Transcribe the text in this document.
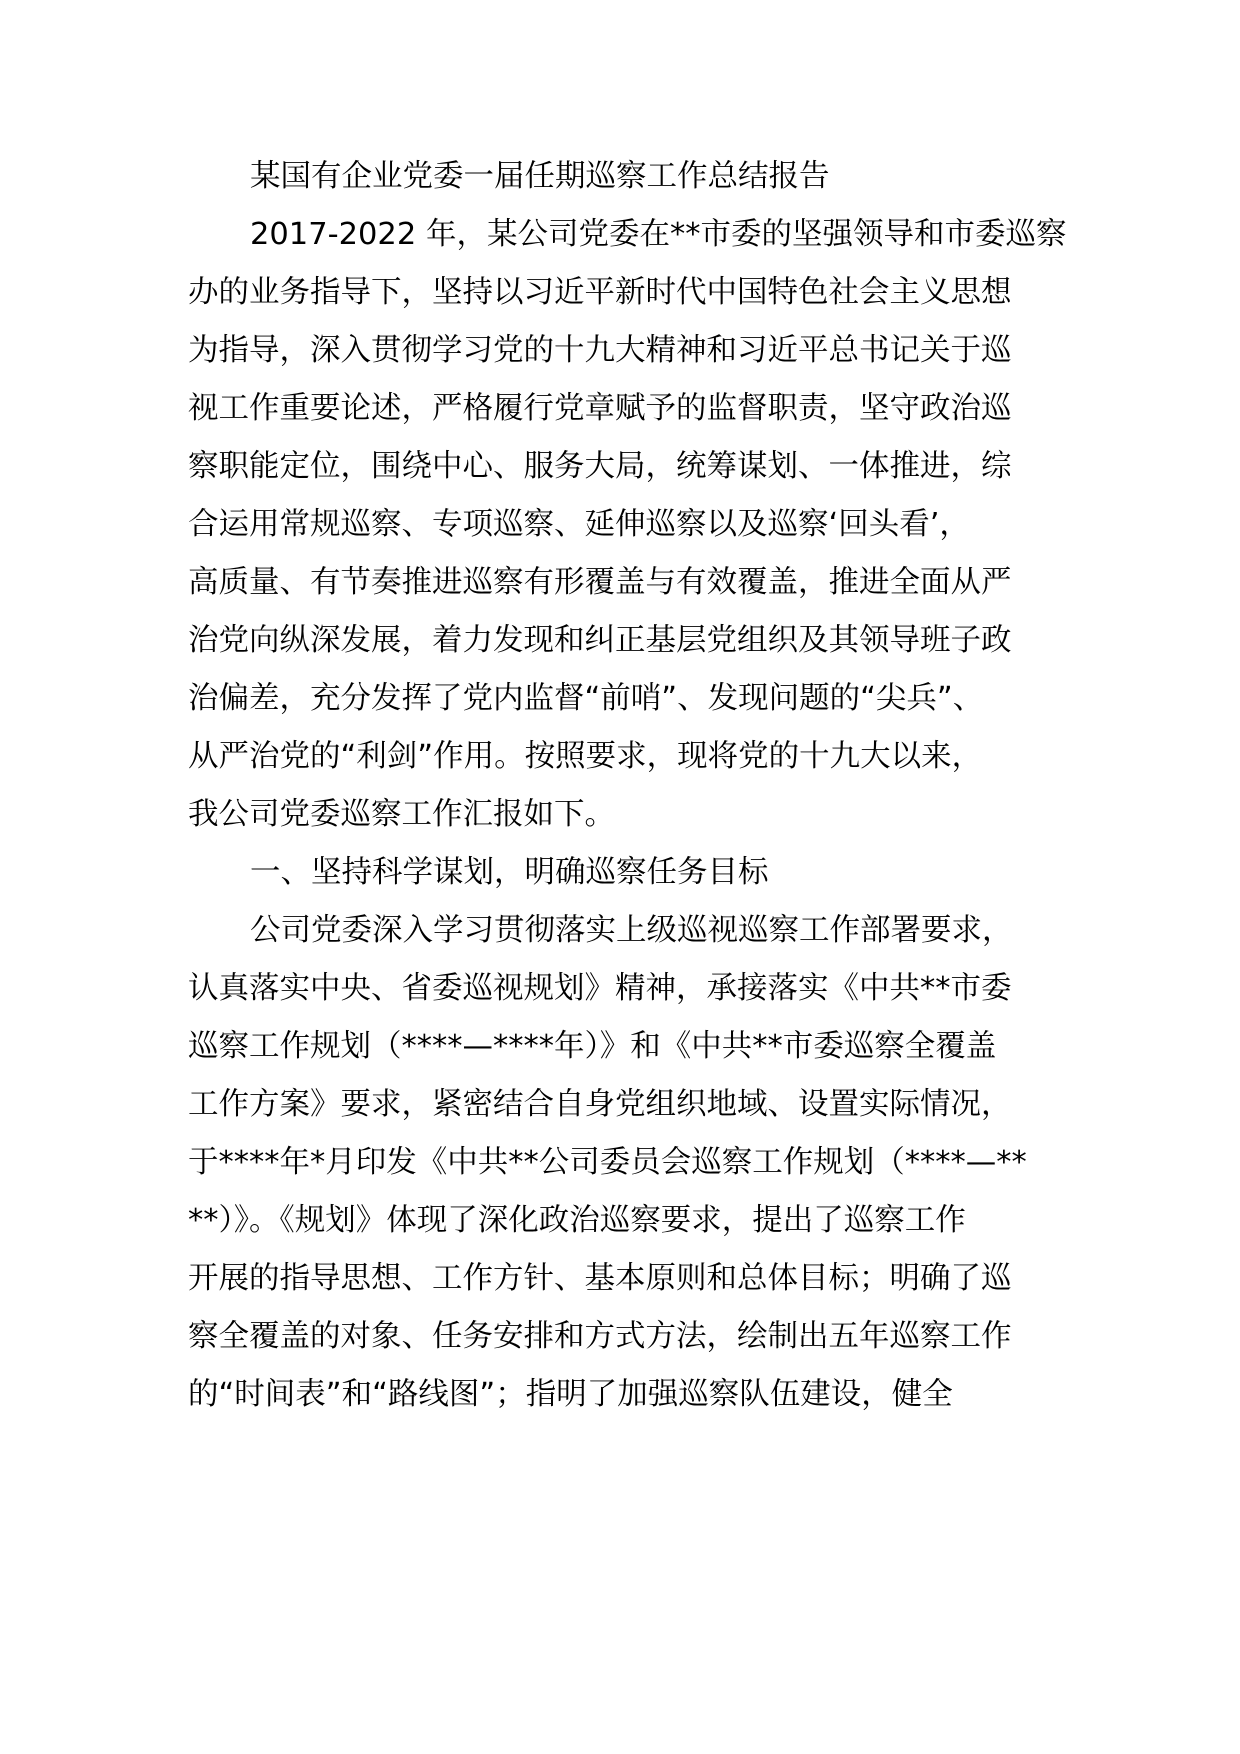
某国有企业党委一届任期巡察工作总结报告
2017-2022 年，某公司党委在**市委的坚强领导和市委巡察
办的业务指导下，坚持以习近平新时代中国特色社会主义思想
为指导，深入贯彻学习党的十九大精神和习近平总书记关于巡
视工作重要论述，严格履行党章赋予的监督职责，坚守政治巡
察职能定位，围绕中心、服务大局，统筹谋划、一体推进，综
合运用常规巡察、专项巡察、延伸巡察以及巡察‘回头看’，
高质量、有节奏推进巡察有形覆盖与有效覆盖，推进全面从严
治党向纵深发展，着力发现和纠正基层党组织及其领导班子政
治偏差，充分发挥了党内监督“前哨”、发现问题的“尖兵”、
从严治党的“利剑”作用。按照要求，现将党的十九大以来，
我公司党委巡察工作汇报如下。
一、坚持科学谋划，明确巡察任务目标
公司党委深入学习贯彻落实上级巡视巡察工作部署要求，
认真落实中央、省委巡视规划》精神，承接落实《中共**市委
巡察工作规划（****—****年）》和《中共**市委巡察全覆盖
工作方案》要求，紧密结合自身党组织地域、设置实际情况，
于****年*月印发《中共**公司委员会巡察工作规划（****—**
**）》。《规划》体现了深化政治巡察要求，提出了巡察工作
开展的指导思想、工作方针、基本原则和总体目标；明确了巡
察全覆盖的对象、任务安排和方式方法，绘制出五年巡察工作
的“时间表”和“路线图”；指明了加强巡察队伍建设，健全
